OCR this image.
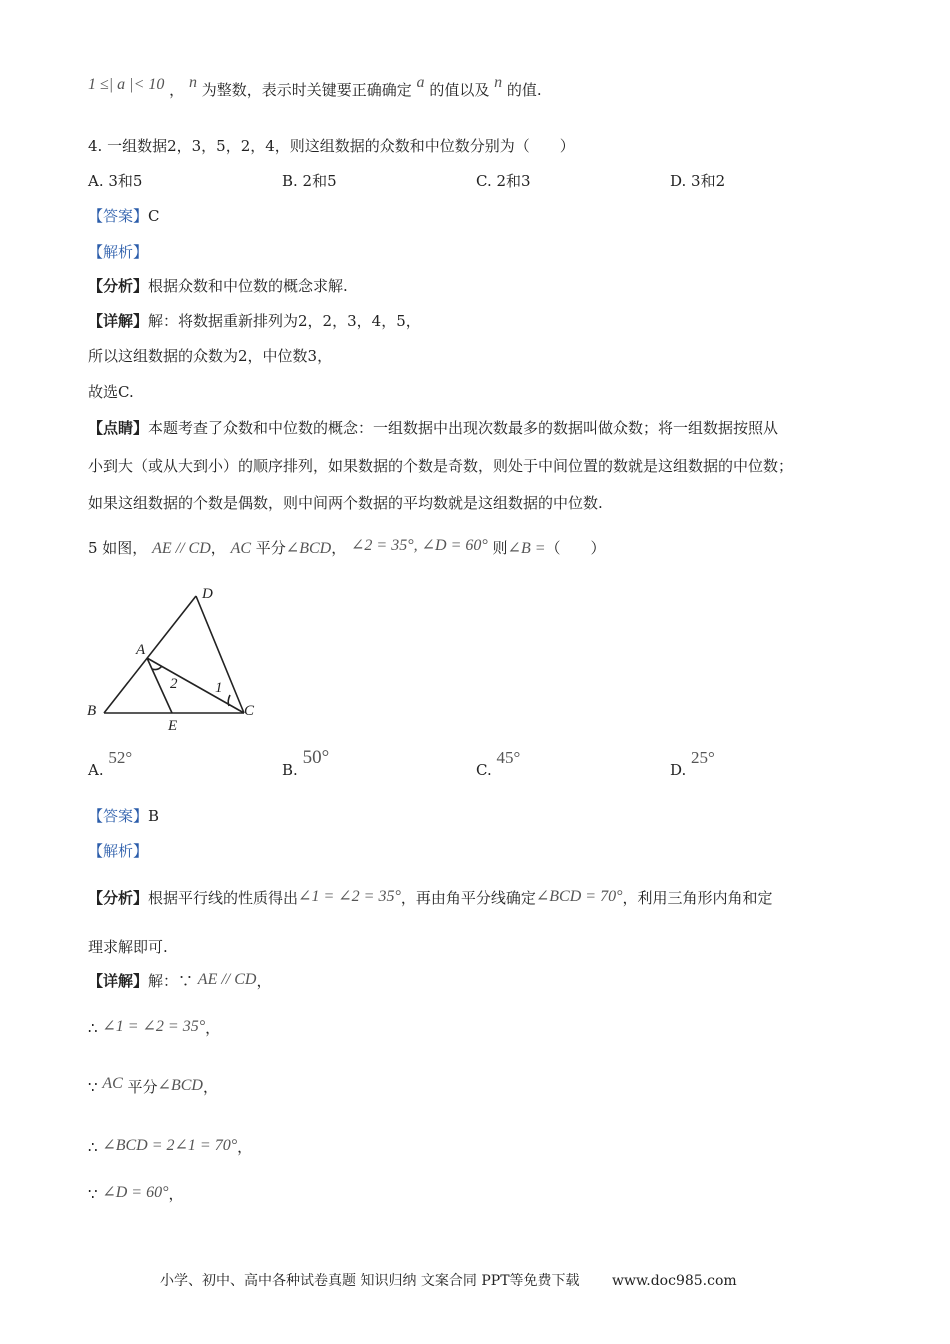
1 ≤| a |< 10 ， n 为整数，表示时关键要正确确定 a 的值以及 n 的值.
4. 一组数据2，3，5，2，4，则这组数据的众数和中位数分别为（　　）
A. 3和5	B. 2和5	C. 2和3	D. 3和2
【答案】C
【解析】
【分析】根据众数和中位数的概念求解.
【详解】解：将数据重新排列为2，2，3，4，5，
所以这组数据的众数为2，中位数3，
故选C.
【点睛】本题考查了众数和中位数的概念：一组数据中出现次数最多的数据叫做众数；将一组数据按照从
小到大（或从大到小）的顺序排列，如果数据的个数是奇数，则处于中间位置的数就是这组数据的中位数；
如果这组数据的个数是偶数，则中间两个数据的平均数就是这组数据的中位数.
5 如图， AE // CD， AC 平分∠BCD， ∠2 = 35°, ∠D = 60° 则∠B =（　　）
D
A
B
E
C
1
2
A. 52°
B. 50°
C. 45°
D. 25°
【答案】B
【解析】
【分析】根据平行线的性质得出∠1 = ∠2 = 35°，再由角平分线确定∠BCD = 70°，利用三角形内角和定
理求解即可.
【详解】解：∵ AE // CD，
∴ ∠1 = ∠2 = 35°，
∵ AC 平分∠BCD，
∴ ∠BCD = 2∠1 = 70°，
∵ ∠D = 60°，
小学、初中、高中各种试卷真题 知识归纳 文案合同 PPT等免费下载 www.doc985.com
